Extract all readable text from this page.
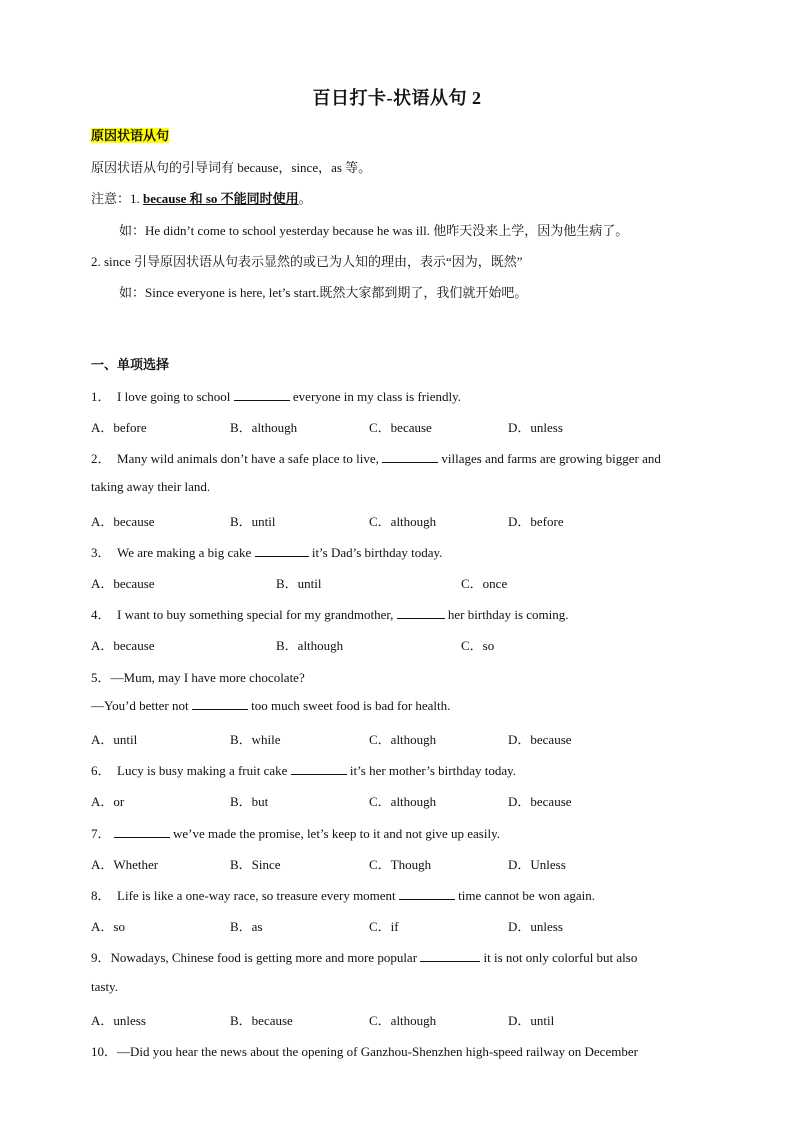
百日打卡-状语从句 2
原因状语从句
原因状语从句的引导词有 because，since，as 等。
注意：1. because 和 so 不能同时使用。
如：He didn’t come to school yesterday because he was ill. 他昨天没来上学，因为他生病了。
2. since 引导原因状语从句表示显然的或已为人知的理由，表示“因为，既然”
如：Since everyone is here, let’s start.既然大家都到期了，我们就开始吧。
一、单项选择
1． I love going to school	everyone in my class is friendly.
A．before	B．although	C．because	D．unless
2． Many wild animals don’t have a safe place to live,	villages and farms are growing bigger and
taking away their land.
A．because	B．until	C．although	D．before
3． We are making a big cake	it’s Dad’s birthday today.
A．because	B．until	C．once
4． I want to buy something special for my grandmother,	her birthday is coming.
A．because	B．although	C．so
5．—Mum, may I have more chocolate?
—You’d better not	too much sweet food is bad for health.
A．until	B．while	C．although	D．because
6． Lucy is busy making a fruit cake	it’s her mother’s birthday today.
A．or	B．but	C．although	D．because
7．	we’ve made the promise, let’s keep to it and not give up easily.
A．Whether	B．Since	C．Though	D．Unless
8． Life is like a one-way race, so treasure every moment	time cannot be won again.
A．so	B．as	C．if	D．unless
9．Nowadays, Chinese food is getting more and more popular	it is not only colorful but also
tasty.
A．unless	B．because	C．although	D．until
10．—Did you hear the news about the opening of Ganzhou-Shenzhen high-speed railway on December
